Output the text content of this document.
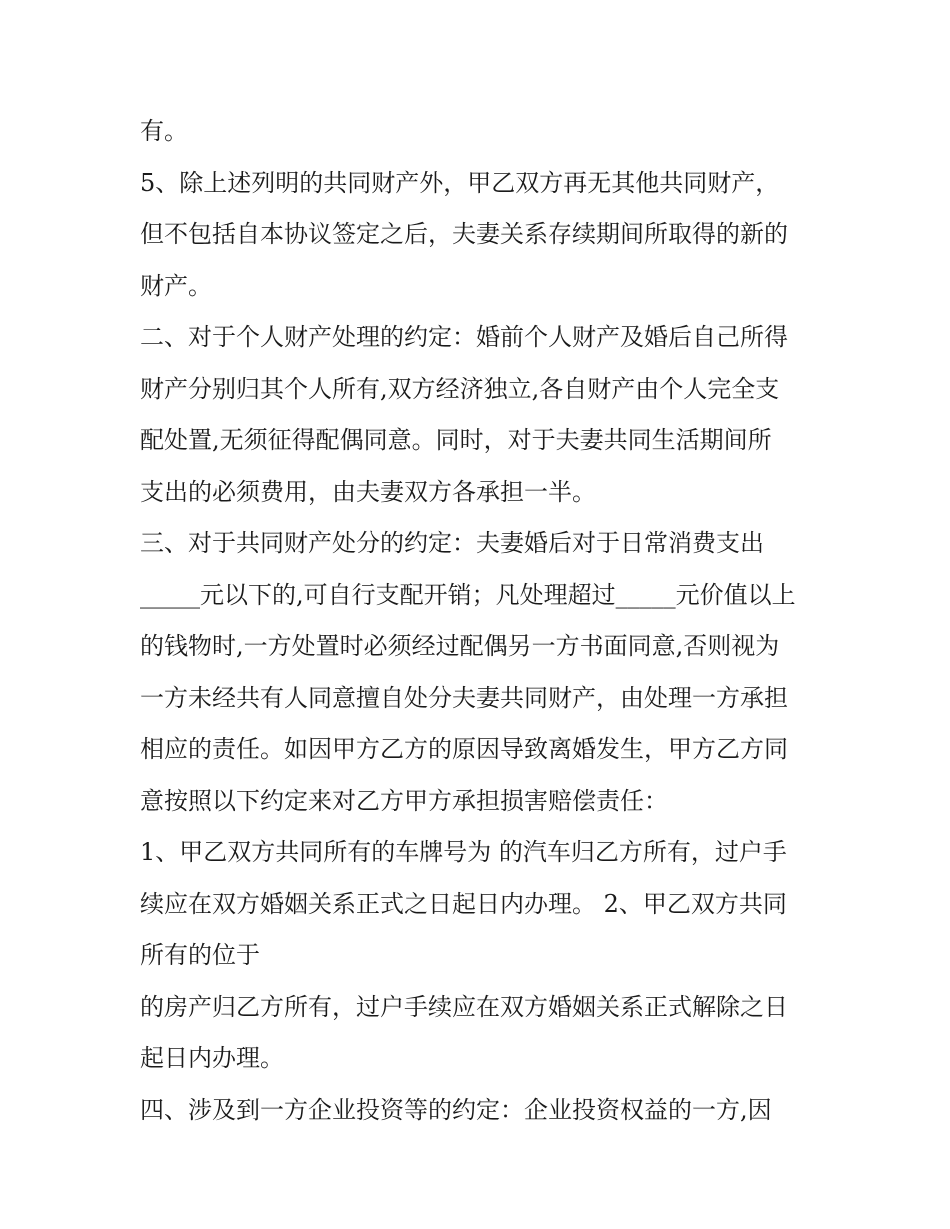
有。
5、除上述列明的共同财产外，甲乙双方再无其他共同财产，
但不包括自本协议签定之后，夫妻关系存续期间所取得的新的
财产。
二、对于个人财产处理的约定：婚前个人财产及婚后自己所得
财产分别归其个人所有,双方经济独立,各自财产由个人完全支
配处置,无须征得配偶同意。同时，对于夫妻共同生活期间所
支出的必须费用，由夫妻双方各承担一半。
三、对于共同财产处分的约定：夫妻婚后对于日常消费支出
_____元以下的,可自行支配开销；凡处理超过_____元价值以上
的钱物时,一方处置时必须经过配偶另一方书面同意,否则视为
一方未经共有人同意擅自处分夫妻共同财产，由处理一方承担
相应的责任。如因甲方乙方的原因导致离婚发生，甲方乙方同
意按照以下约定来对乙方甲方承担损害赔偿责任：
1、甲乙双方共同所有的车牌号为 的汽车归乙方所有，过户手
续应在双方婚姻关系正式之日起日内办理。 2、甲乙双方共同
所有的位于
的房产归乙方所有，过户手续应在双方婚姻关系正式解除之日
起日内办理。
四、涉及到一方企业投资等的约定：企业投资权益的一方,因
